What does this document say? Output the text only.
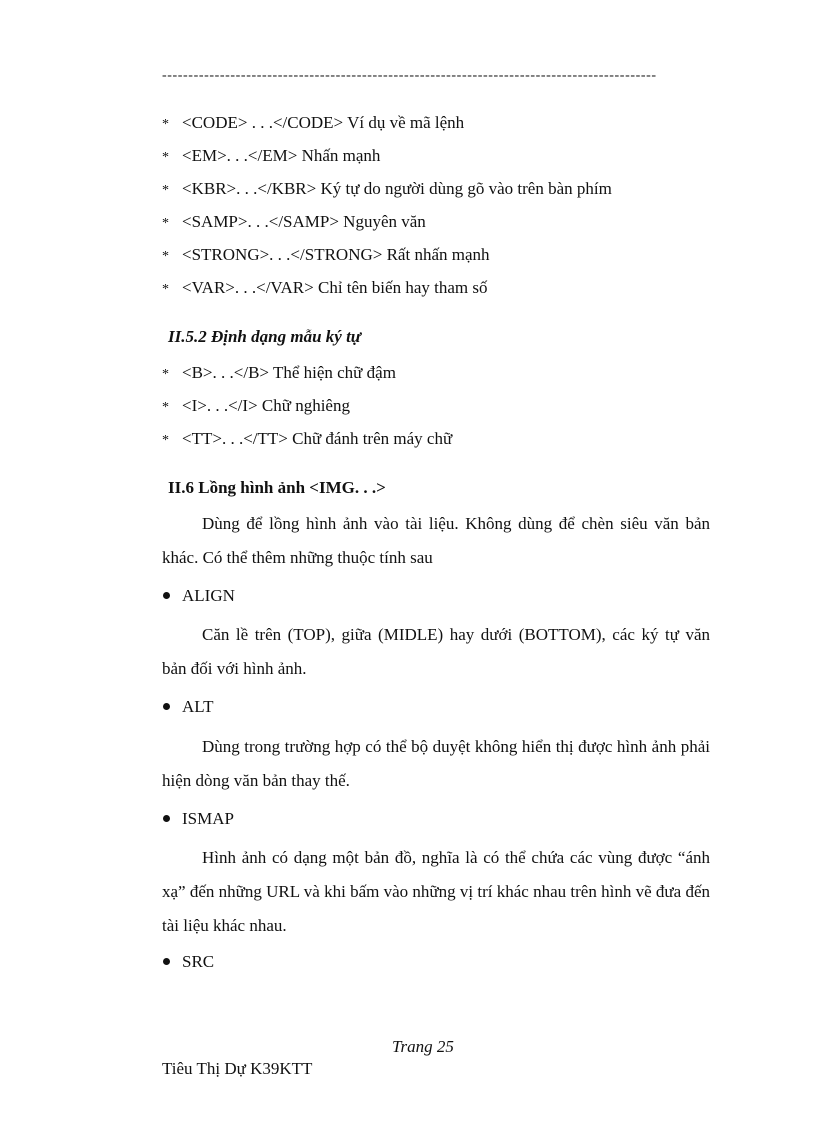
----------------------------------------------------------------------------------------------
* <CODE> . . .</CODE> Ví dụ về mã lệnh
* <EM>. . .</EM> Nhấn mạnh
* <KBR>. . .</KBR> Ký tự do người dùng gõ vào trên bàn phím
* <SAMP>. . .</SAMP> Nguyên văn
* <STRONG>. . .</STRONG> Rất nhấn mạnh
* <VAR>. . .</VAR> Chỉ tên biến hay tham số
II.5.2 Định dạng mẫu ký tự
* <B>. . .</B> Thể hiện chữ đậm
* <I>. . .</I> Chữ nghiêng
* <TT>. . .</TT> Chữ đánh trên máy chữ
II.6 Lồng hình ảnh <IMG. . .>
Dùng để lồng hình ảnh vào tài liệu. Không dùng để chèn siêu văn bản khác. Có thể thêm những thuộc tính sau
ALIGN
Căn lề trên (TOP), giữa (MIDLE) hay dưới (BOTTOM), các ký tự văn bản đối với hình ảnh.
ALT
Dùng trong trường hợp có thể bộ duyệt không hiển thị được hình ảnh phải hiện dòng văn bản thay thế.
ISMAP
Hình ảnh có dạng một bản đồ, nghĩa là có thể chứa các vùng được “ánh xạ” đến những URL và khi bấm vào những vị trí khác nhau trên hình vẽ đưa đến tài liệu khác nhau.
SRC
Trang 25
Tiêu Thị Dự K39KTT
